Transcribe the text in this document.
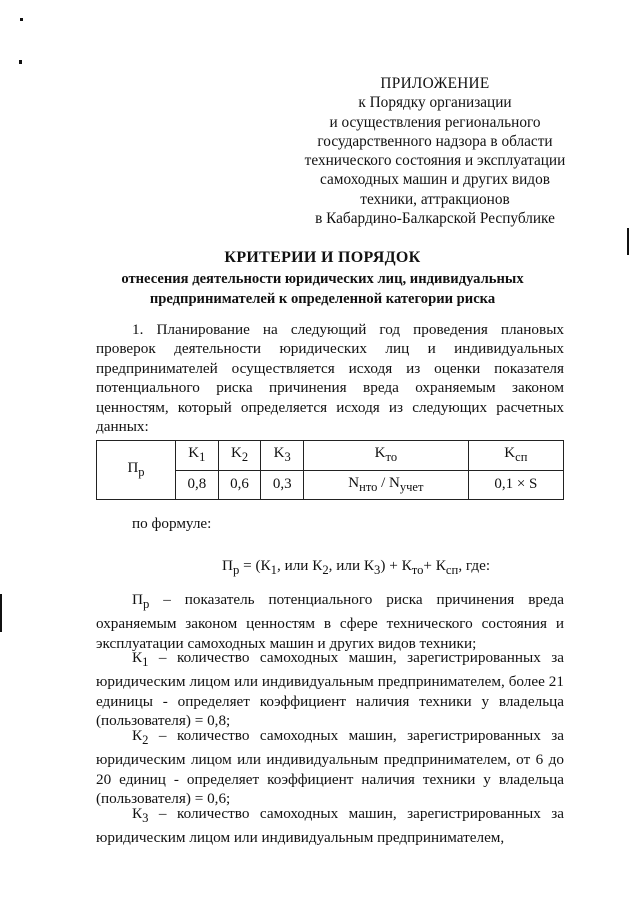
ПРИЛОЖЕНИЕ
к Порядку организации
и осуществления регионального
государственного надзора в области
технического состояния и эксплуатации
самоходных машин и других видов
техники, аттракционов
в Кабардино-Балкарской Республике
КРИТЕРИИ И ПОРЯДОК
отнесения деятельности юридических лиц, индивидуальных
предпринимателей к определенной категории риска
1. Планирование на следующий год проведения плановых проверок деятельности юридических лиц и индивидуальных предпринимателей осуществляется исходя из оценки показателя потенциального риска причинения вреда охраняемым законом ценностям, который определяется исходя из следующих расчетных данных:
$П_р$	$K_1$	$K_2$	$K_3$	$K_{то}$	$K_{сп}$
	0,8	0,6	0,3	$N_{нто} / N_{учет}$	0,1 × S
по формуле:
$П_р = (К_1$, или $К_2$, или $К_3) + К_{то}+ К_{сп}$, где:
$П_р$ – показатель потенциального риска причинения вреда охраняемым законом ценностям в сфере технического состояния и эксплуатации самоходных машин и других видов техники;
$К_1$ – количество самоходных машин, зарегистрированных за юридическим лицом или индивидуальным предпринимателем, более 21 единицы - определяет коэффициент наличия техники у владельца (пользователя) = 0,8;
$К_2$ – количество самоходных машин, зарегистрированных за юридическим лицом или индивидуальным предпринимателем, от 6 до 20 единиц - определяет коэффициент наличия техники у владельца (пользователя) = 0,6;
$К_3$ – количество самоходных машин, зарегистрированных за юридическим лицом или индивидуальным предпринимателем,
